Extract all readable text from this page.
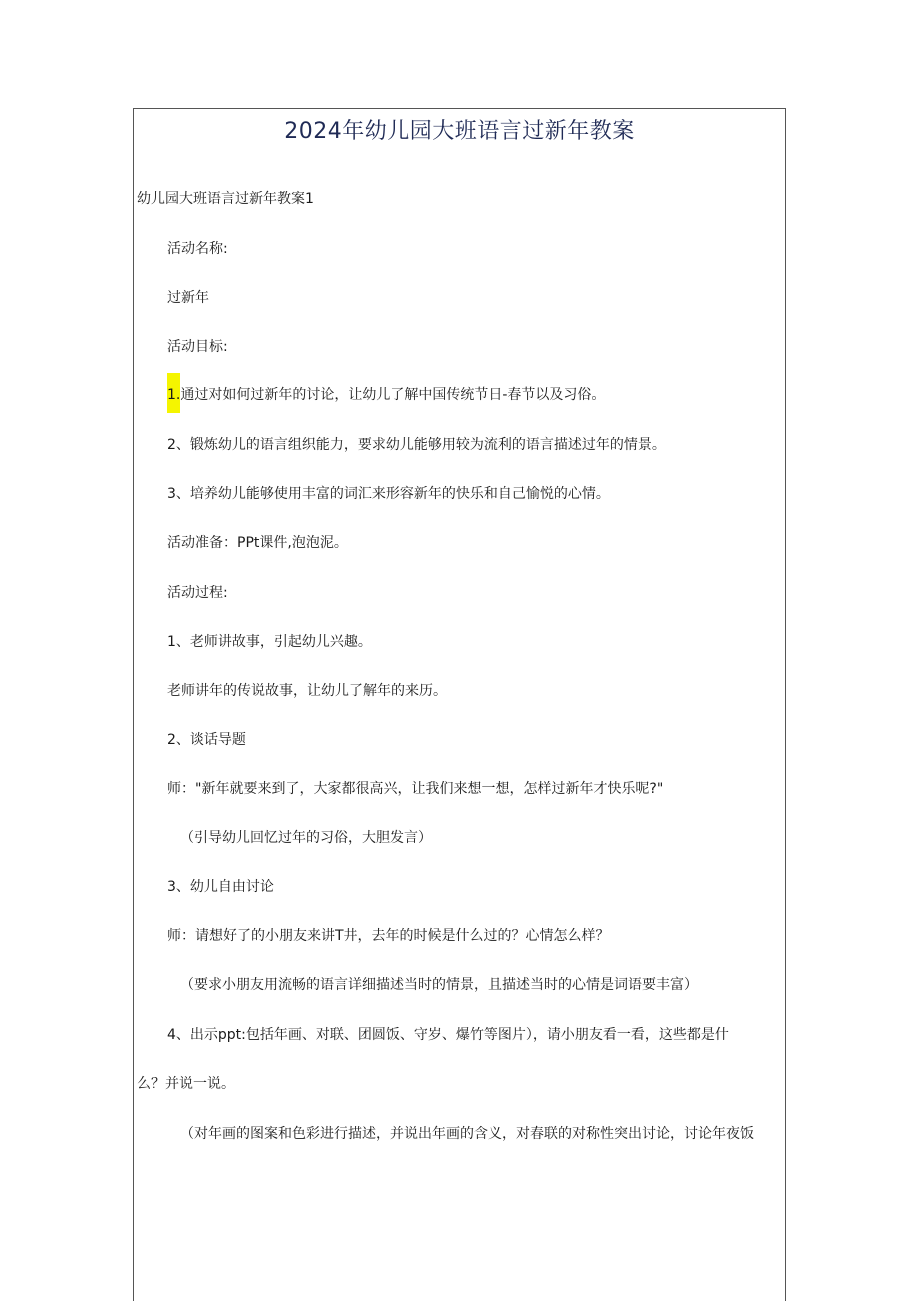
2024年幼儿园大班语言过新年教案
幼儿园大班语言过新年教案1
活动名称:
过新年
活动目标:
1.通过对如何过新年的讨论，让幼儿了解中国传统节日-春节以及习俗。
2、锻炼幼儿的语言组织能力，要求幼儿能够用较为流利的语言描述过年的情景。
3、培养幼儿能够使用丰富的词汇来形容新年的快乐和自己愉悦的心情。
活动准备：PPt课件,泡泡泥。
活动过程:
1、老师讲故事，引起幼儿兴趣。
老师讲年的传说故事，让幼儿了解年的来历。
2、谈话导题
师："新年就要来到了，大家都很高兴，让我们来想一想，怎样过新年才快乐呢?"
（引导幼儿回忆过年的习俗，大胆发言）
3、幼儿自由讨论
师：请想好了的小朋友来讲T井，去年的时候是什么过的？心情怎么样？
（要求小朋友用流畅的语言详细描述当时的情景，且描述当时的心情是词语要丰富）
4、出示ppt:包括年画、对联、团圆饭、守岁、爆竹等图片），请小朋友看一看，这些都是什
么？并说一说。
（对年画的图案和色彩进行描述，并说出年画的含义，对春联的对称性突出讨论，讨论年夜饭
